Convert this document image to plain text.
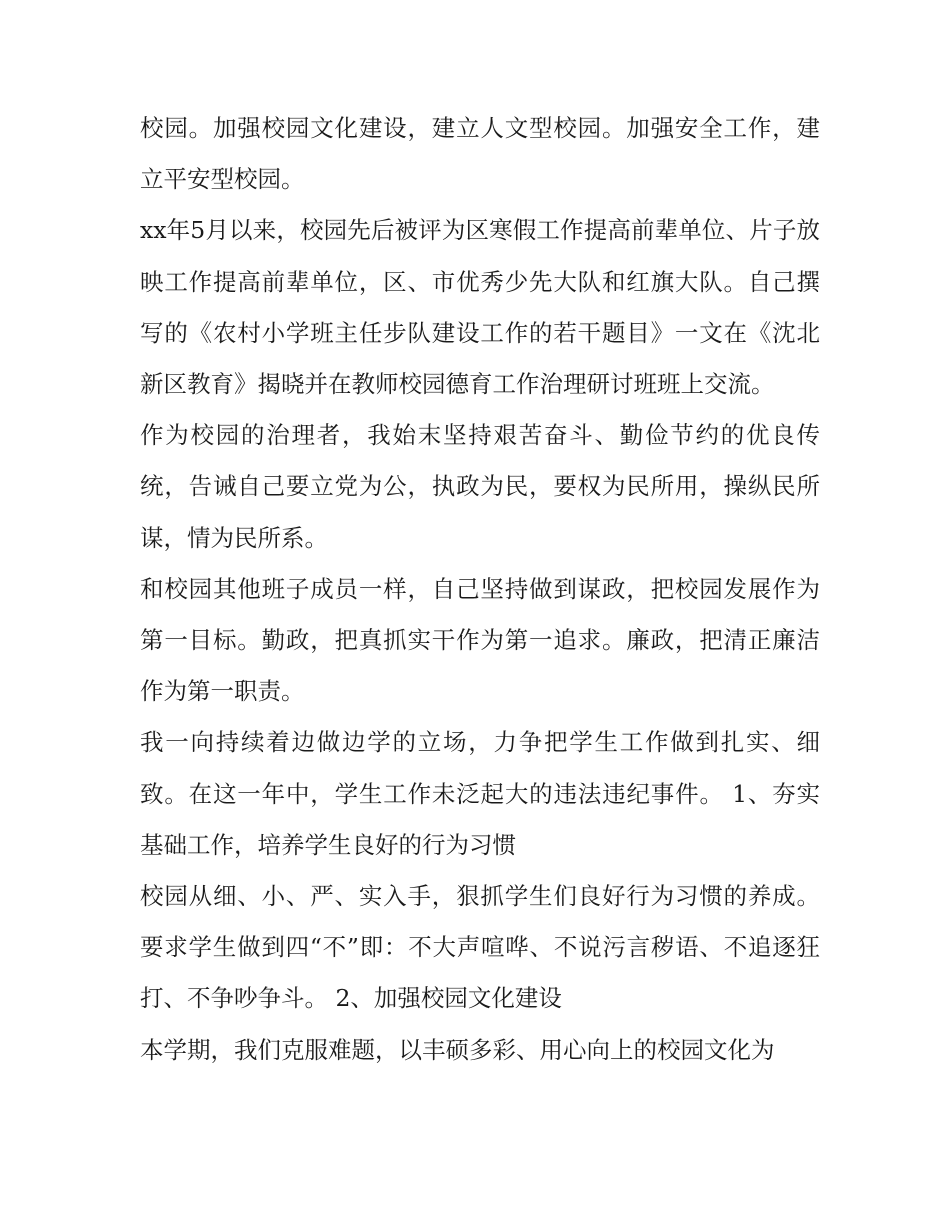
校园。加强校园文化建设，建立人文型校园。加强安全工作，建立平安型校园。

xx年5月以来，校园先后被评为区寒假工作提高前辈单位、片子放映工作提高前辈单位，区、市优秀少先大队和红旗大队。自己撰写的《农村小学班主任步队建设工作的若干题目》一文在《沈北新区教育》揭晓并在教师校园德育工作治理研讨班班上交流。

作为校园的治理者，我始末坚持艰苦奋斗、勤俭节约的优良传统，告诫自己要立党为公，执政为民，要权为民所用，操纵民所谋，情为民所系。

和校园其他班子成员一样，自己坚持做到谋政，把校园发展作为第一目标。勤政，把真抓实干作为第一追求。廉政，把清正廉洁作为第一职责。

我一向持续着边做边学的立场，力争把学生工作做到扎实、细致。在这一年中，学生工作未泛起大的违法违纪事件。 1、夯实基础工作，培养学生良好的行为习惯

校园从细、小、严、实入手，狠抓学生们良好行为习惯的养成。要求学生做到四“不”即：不大声喧哗、不说污言秽语、不追逐狂打、不争吵争斗。 2、加强校园文化建设

本学期，我们克服难题，以丰硕多彩、用心向上的校园文化为
